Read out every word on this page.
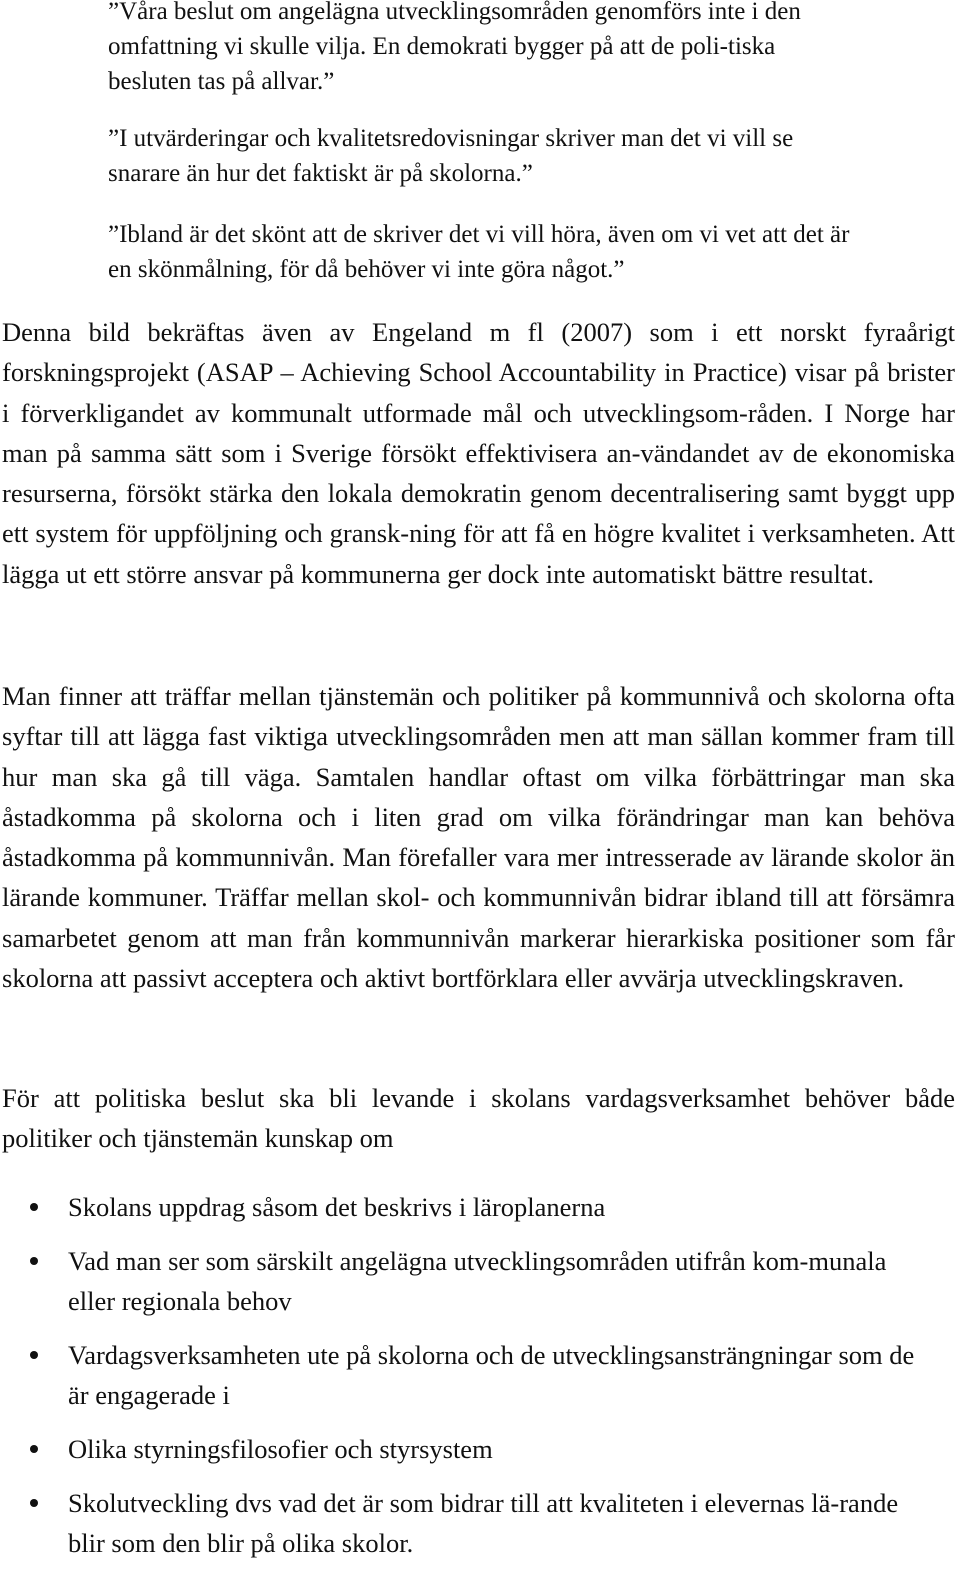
”Våra beslut om angelägna utvecklingsområden genomförs inte i den omfattning vi skulle vilja. En demokrati bygger på att de poli-tiska besluten tas på allvar.”
”I utvärderingar och kvalitetsredovisningar skriver man det vi vill se snarare än hur det faktiskt är på skolorna.”
”Ibland är det skönt att de skriver det vi vill höra, även om vi vet att det är en skönmålning, för då behöver vi inte göra något.”
Denna bild bekräftas även av Engeland m fl (2007) som i ett norskt fyraårigt forskningsprojekt (ASAP – Achieving School Accountability in Practice) visar på brister i förverkligandet av kommunalt utformade mål och utvecklingsom-råden. I Norge har man på samma sätt som i Sverige försökt effektivisera an-vändandet av de ekonomiska resurserna, försökt stärka den lokala demokratin genom decentralisering samt byggt upp ett system för uppföljning och gransk-ning för att få en högre kvalitet i verksamheten. Att lägga ut ett större ansvar på kommunerna ger dock inte automatiskt bättre resultat.
Man finner att träffar mellan tjänstemän och politiker på kommunnivå och skolorna ofta syftar till att lägga fast viktiga utvecklingsområden men att man sällan kommer fram till hur man ska gå till väga. Samtalen handlar oftast om vilka förbättringar man ska åstadkomma på skolorna och i liten grad om vilka förändringar man kan behöva åstadkomma på kommunnivån. Man förefaller vara mer intresserade av lärande skolor än lärande kommuner. Träffar mellan skol- och kommunnivån bidrar ibland till att försämra samarbetet genom att man från kommunnivån markerar hierarkiska positioner som får skolorna att passivt acceptera och aktivt bortförklara eller avvärja utvecklingskraven.
För att politiska beslut ska bli levande i skolans vardagsverksamhet behöver både politiker och tjänstemän kunskap om
Skolans uppdrag såsom det beskrivs i läroplanerna
Vad man ser som särskilt angelägna utvecklingsområden utifrån kom-munala eller regionala behov
Vardagsverksamheten ute på skolorna och de utvecklingsansträngningar som de är engagerade i
Olika styrningsfilosofier och styrsystem
Skolutveckling dvs vad det är som bidrar till att kvaliteten i elevernas lä-rande blir som den blir på olika skolor.
